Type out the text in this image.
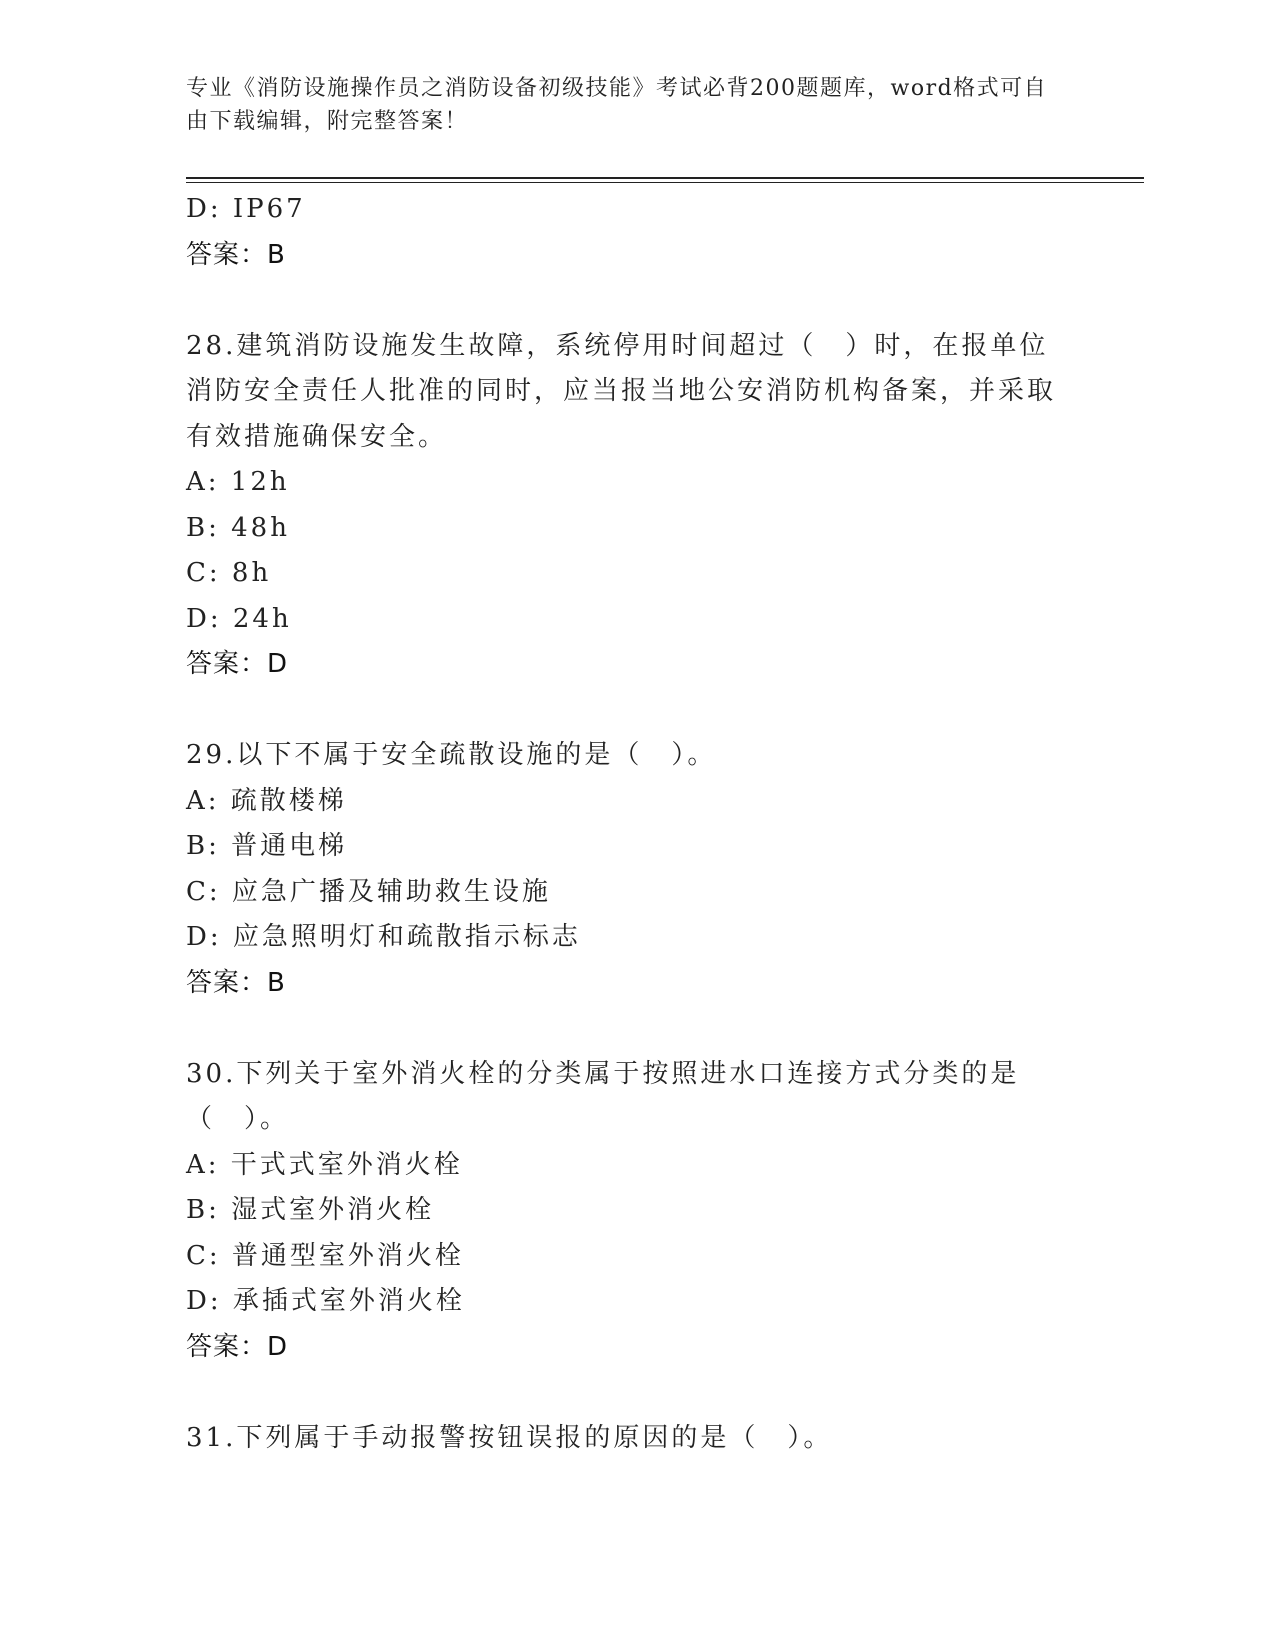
专业《消防设施操作员之消防设备初级技能》考试必背200题题库，word格式可自由下载编辑，附完整答案！
D: IP67
答案：B
28.建筑消防设施发生故障，系统停用时间超过（　）时，在报单位消防安全责任人批准的同时，应当报当地公安消防机构备案，并采取有效措施确保安全。
A: 12h
B: 48h
C: 8h
D: 24h
答案：D
29.以下不属于安全疏散设施的是（　）。
A: 疏散楼梯
B: 普通电梯
C: 应急广播及辅助救生设施
D: 应急照明灯和疏散指示标志
答案：B
30.下列关于室外消火栓的分类属于按照进水口连接方式分类的是（　）。
A: 干式式室外消火栓
B: 湿式室外消火栓
C: 普通型室外消火栓
D: 承插式室外消火栓
答案：D
31.下列属于手动报警按钮误报的原因的是（　）。
